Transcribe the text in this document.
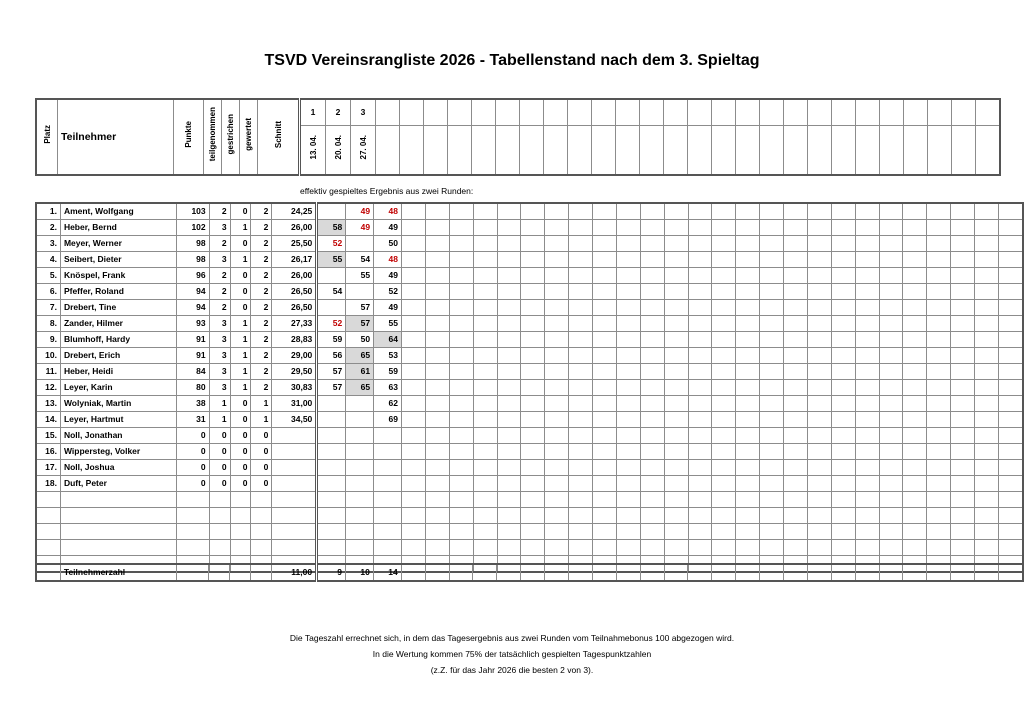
TSVD Vereinsrangliste 2026 - Tabellenstand nach dem 3. Spieltag
Platz	Teilnehmer	Punkte	teilgenommen	gestrichen	gewertet	Schnitt	1	2	3																										
							13. 04.	20. 04.	27. 04.																										
effektiv gespieltes Ergebnis aus zwei Runden:
1.	Ament, Wolfgang	103	2	0	2	24,25		49	48																										
2.	Heber, Bernd	102	3	1	2	26,00	58	49	49																										
3.	Meyer, Werner	98	2	0	2	25,50	52		50																										
4.	Seibert, Dieter	98	3	1	2	26,17	55	54	48																										
5.	Knöspel, Frank	96	2	0	2	26,00		55	49																										
6.	Pfeffer, Roland	94	2	0	2	26,50	54		52																										
7.	Drebert, Tine	94	2	0	2	26,50		57	49																										
8.	Zander, Hilmer	93	3	1	2	27,33	52	57	55																										
9.	Blumhoff, Hardy	91	3	1	2	28,83	59	50	64																										
10.	Drebert, Erich	91	3	1	2	29,00	56	65	53																										
11.	Heber, Heidi	84	3	1	2	29,50	57	61	59																										
12.	Leyer, Karin	80	3	1	2	30,83	57	65	63																										
13.	Wolyniak, Martin	38	1	0	1	31,00			62																										
14.	Leyer, Hartmut	31	1	0	1	34,50			69																										
15.	Noll, Jonathan	0	0	0	0																														
16.	Wippersteg, Volker	0	0	0	0																														
17.	Noll, Joshua	0	0	0	0																														
18.	Duft, Peter	0	0	0	0																														

	Teilnehmerzahl					11,00	9	10	14																										
Die Tageszahl errechnet sich, in dem das Tagesergebnis aus zwei Runden vom Teilnahmebonus 100 abgezogen wird.
In die Wertung kommen 75% der tatsächlich gespielten Tagespunktzahlen
(z.Z. für das Jahr 2026 die besten 2 von 3).
